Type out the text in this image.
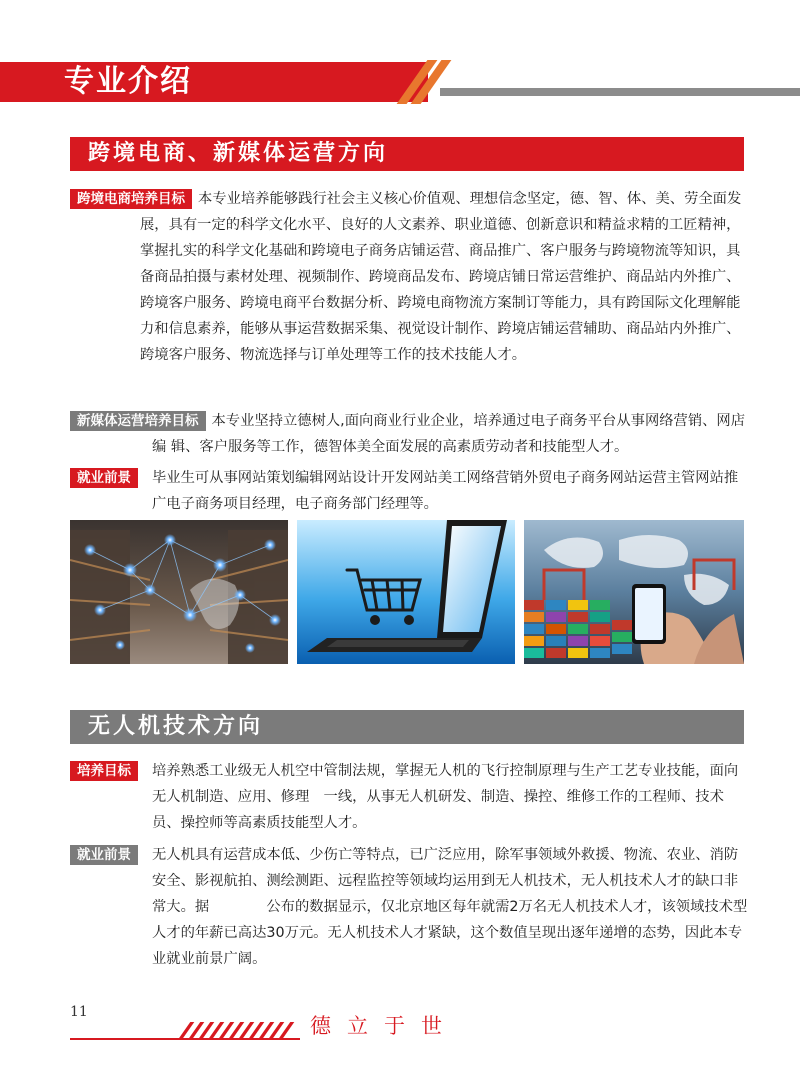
专业介绍
跨境电商、新媒体运营方向
跨境电商培养目标 本专业培养能够践行社会主义核心价值观、理想信念坚定，德、智、体、美、劳全面发展，具有一定的科学文化水平、良好的人文素养、职业道德、创新意识和精益求精的工匠精神，掌握扎实的科学文化基础和跨境电子商务店铺运营、商品推广、客户服务与跨境物流等知识，具备商品拍摄与素材处理、视频制作、跨境商品发布、跨境店铺日常运营维护、商品站内外推广、跨境客户服务、跨境电商平台数据分析、跨境电商物流方案制订等能力，具有跨国际文化理解能力和信息素养，能够从事运营数据采集、视觉设计制作、跨境店铺运营辅助、商品站内外推广、跨境客户服务、物流选择与订单处理等工作的技术技能人才。
新媒体运营培养目标 本专业坚持立德树人,面向商业行业企业，培养通过电子商务平台从事网络营销、网店编 辑、客户服务等工作，德智体美全面发展的高素质劳动者和技能型人才。
就业前景	毕业生可从事网站策划编辑网站设计开发网站美工网络营销外贸电子商务网站运营主管网站推广电子商务项目经理，电子商务部门经理等。
无人机技术方向
培养目标	培养熟悉工业级无人机空中管制法规，掌握无人机的飞行控制原理与生产工艺专业技能，面向无人机制造、应用、修理　一线，从事无人机研发、制造、操控、维修工作的工程师、技术员、操控师等高素质技能型人才。
就业前景	无人机具有运营成本低、少伤亡等特点，已广泛应用，除军事领域外救援、物流、农业、消防安全、影视航拍、测绘测距、远程监控等领域均运用到无人机技术，无人机技术人才的缺口非常大。据　　　　公布的数据显示，仅北京地区每年就需2万名无人机技术人才，该领域技术型人才的年薪已高达30万元。无人机技术人才紧缺，这个数值呈现出逐年递增的态势，因此本专业就业前景广阔。
11
德立于世
